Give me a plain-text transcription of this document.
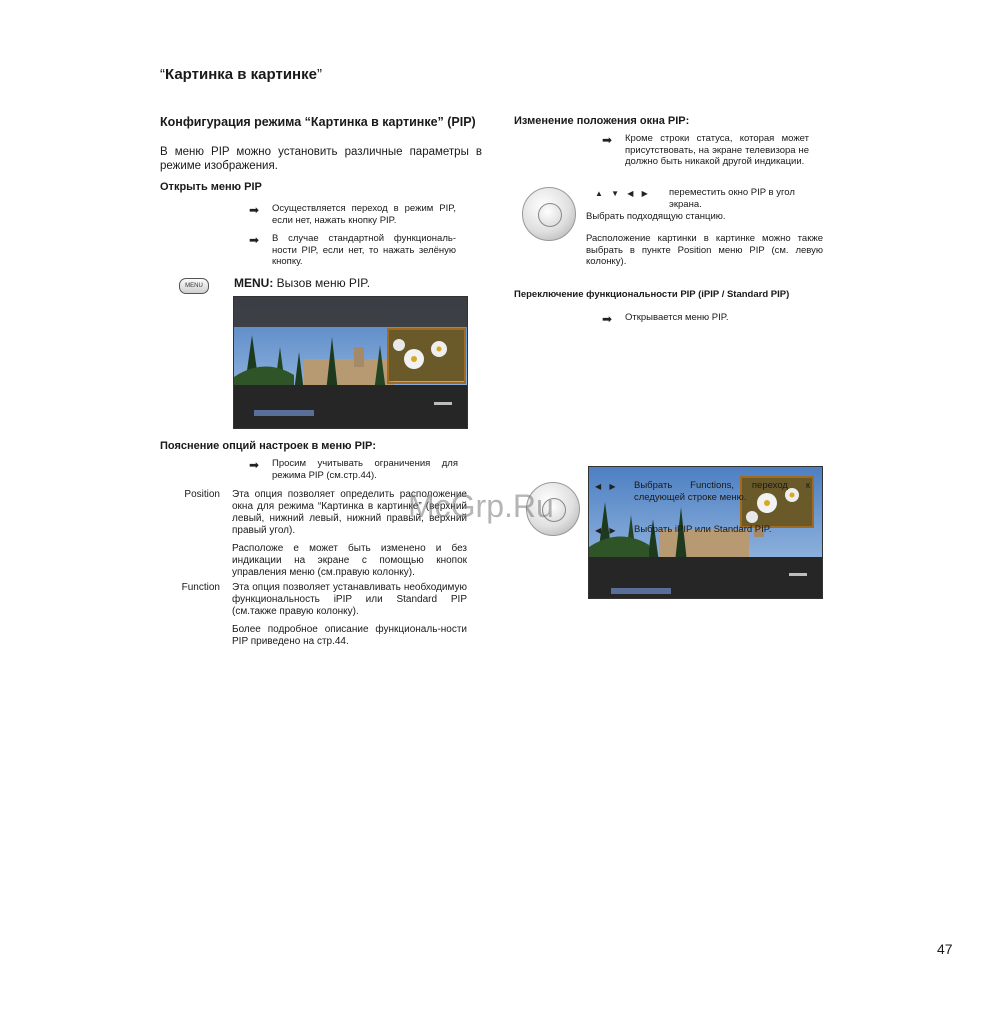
“Картинка в картинке”
Конфигурация режима “Картинка в картинке” (PIP)

В меню PIP можно установить различные параметры в режиме изображения.

Открыть меню PIP
➡	Осуществляется переход в режим PIP, если нет, нажать кнопку PIP.
➡	В случае стандартной функциональ-ности PIP, если нет, то нажать зелёную кнопку.
MENU	MENU: Вызов меню PIP.
Пояснение опций настроек в меню PIP:
➡	Просим учитывать ограничения для режима PIP (см.стр.44).
Position Эта опция позволяет определить расположение окна для режима “Картинка в картинке” (верхний левый, нижний левый, нижний правый, верхний правый угол).

Расположе е может быть изменено и без индикации на экране с помощью кнопок управления меню (см.правую колонку).

Function Эта опция позволяет устанавливать необходимую функциональность iPIP или Standard PIP (см.также правую колонку).

Более подробное описание функциональ-ности PIP приведено на стр.44.

Изменение положения окна PIP:
➡	Кроме строки статуса, которая может присутствовать, на экране телевизора не должно быть никакой другой индикации.
▲ ▼ ◀ ▶ переместить окно PIP в угол экрана.

Выбрать подходящую станцию.

Расположение картинки в картинке можно также выбрать в пункте Position меню PIP (см. левую колонку).

Переключение функциональности PIP (iPIP / Standard PIP)
➡	Открывается меню PIP.
◀ ▶ Выбрать Functions, переход к следующей строке меню.

◀ ▶ Выбрать iPIP или Standard PIP.

McGrp.Ru
47
